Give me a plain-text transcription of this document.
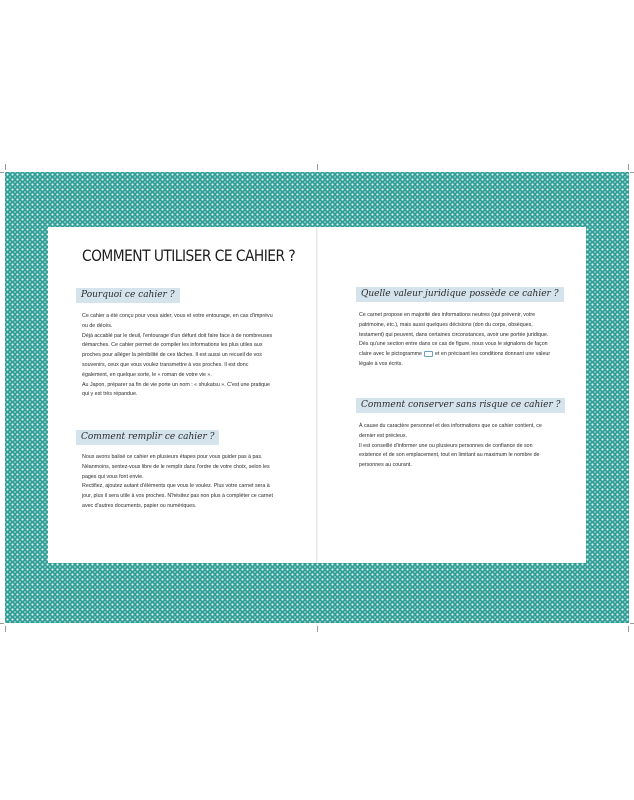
COMMENT UTILISER CE CAHIER ?
Pourquoi ce cahier ?

Ce cahier a été conçu pour vous aider, vous et votre entourage, en cas d'imprévu ou de décès.

Déjà accablé par le deuil, l'entourage d'un défunt doit faire face à de nombreuses démarches. Ce cahier permet de compiler les informations les plus utiles aux proches pour alléger la pénibilité de ces tâches. Il est aussi un recueil de vos souvenirs, ceux que vous voulez transmettre à vos proches. Il est donc également, en quelque sorte, le « roman de votre vie ».

Au Japon, préparer sa fin de vie porte un nom : « shukatsu ». C'est une pratique qui y est très répandue.

Comment remplir ce cahier ?

Nous avons balisé ce cahier en plusieurs étapes pour vous guider pas à pas. Néanmoins, sentez-vous libre de le remplir dans l'ordre de votre choix, selon les pages qui vous font envie.

Rectifiez, ajoutez autant d'éléments que vous le voulez. Plus votre carnet sera à jour, plus il sera utile à vos proches. N'hésitez pas non plus à compléter ce carnet avec d'autres documents, papier ou numériques.

Quelle valeur juridique possède ce cahier ?

Ce carnet propose en majorité des informations neutres (qui prévenir, votre patrimoine, etc.), mais aussi quelques décisions (don du corps, obsèques, testament) qui peuvent, dans certaines circonstances, avoir une portée juridique.

Dès qu'une section entre dans ce cas de figure, nous vous le signalons de façon claire avec le pictogramme et en précisant les conditions donnant une valeur légale à vos écrits.

Comment conserver sans risque ce cahier ?

À cause du caractère personnel et des informations que ce cahier contient, ce dernier est précieux.

Il est conseillé d'informer une ou plusieurs personnes de confiance de son existence et de son emplacement, tout en limitant au maximum le nombre de personnes au courant.
